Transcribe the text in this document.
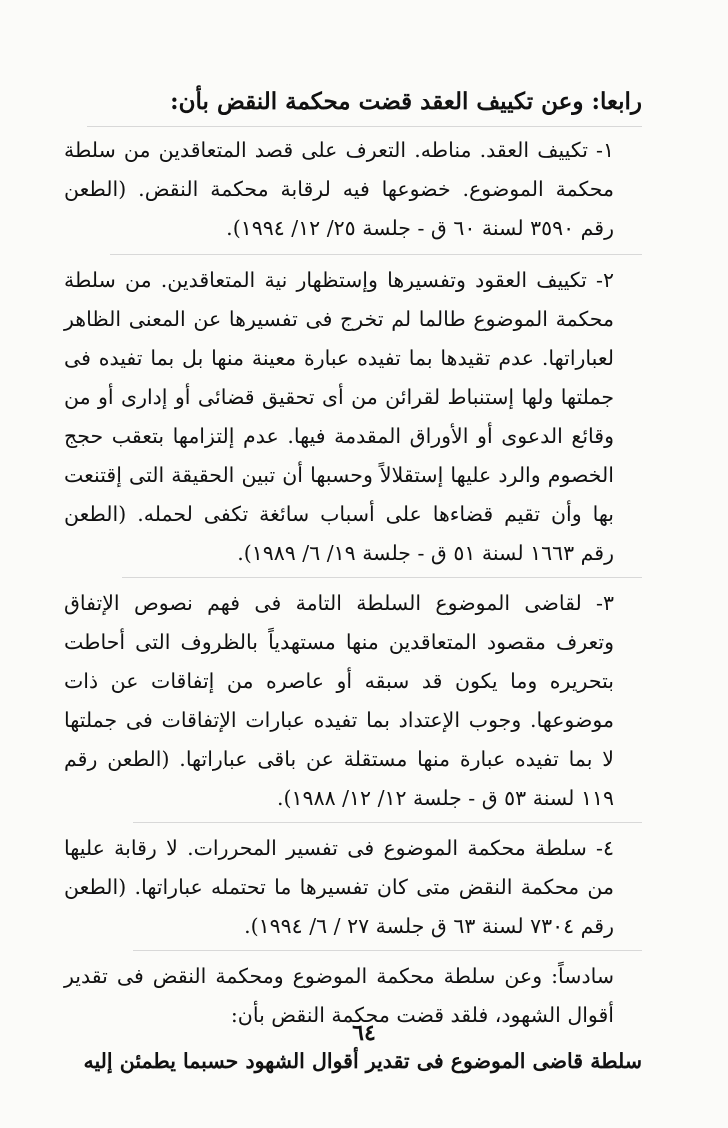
رابعا: وعن تكييف العقد قضت محكمة النقض بأن:

١- تكييف العقد. مناطه. التعرف على قصد المتعاقدين من سلطة محكمة الموضوع. خضوعها فيه لرقابة محكمة النقض. (الطعن رقم ٣٥٩٠ لسنة ٦٠ ق - جلسة ٢٥/ ١٢/ ١٩٩٤).

٢- تكييف العقود وتفسيرها وإستظهار نية المتعاقدين. من سلطة محكمة الموضوع طالما لم تخرج فى تفسيرها عن المعنى الظاهر لعباراتها. عدم تقيدها بما تفيده عبارة معينة منها بل بما تفيده فى جملتها ولها إستنباط لقرائن من أى تحقيق قضائى أو إدارى أو من وقائع الدعوى أو الأوراق المقدمة فيها. عدم إلتزامها بتعقب حجج الخصوم والرد عليها إستقلالاً وحسبها أن تبين الحقيقة التى إقتنعت بها وأن تقيم قضاءها على أسباب سائغة تكفى لحمله. (الطعن رقم ١٦٦٣ لسنة ٥١ ق - جلسة ١٩/ ٦/ ١٩٨٩).

٣- لقاضى الموضوع السلطة التامة فى فهم نصوص الإتفاق وتعرف مقصود المتعاقدين منها مستهدياً بالظروف التى أحاطت بتحريره وما يكون قد سبقه أو عاصره من إتفاقات عن ذات موضوعها. وجوب الإعتداد بما تفيده عبارات الإتفاقات فى جملتها لا بما تفيده عبارة منها مستقلة عن باقى عباراتها. (الطعن رقم ١١٩ لسنة ٥٣ ق - جلسة ١٢/ ١٢/ ١٩٨٨).

٤- سلطة محكمة الموضوع فى تفسير المحررات. لا رقابة عليها من محكمة النقض متى كان تفسيرها ما تحتمله عباراتها. (الطعن رقم ٧٣٠٤ لسنة ٦٣ ق جلسة ٢٧ / ٦/ ١٩٩٤).

سادساً: وعن سلطة محكمة الموضوع ومحكمة النقض فى تقدير أقوال الشهود، فلقد قضت محكمة النقض بأن:

سلطة قاضى الموضوع فى تقدير أقوال الشهود حسبما يطمئن إليه

٦٤
